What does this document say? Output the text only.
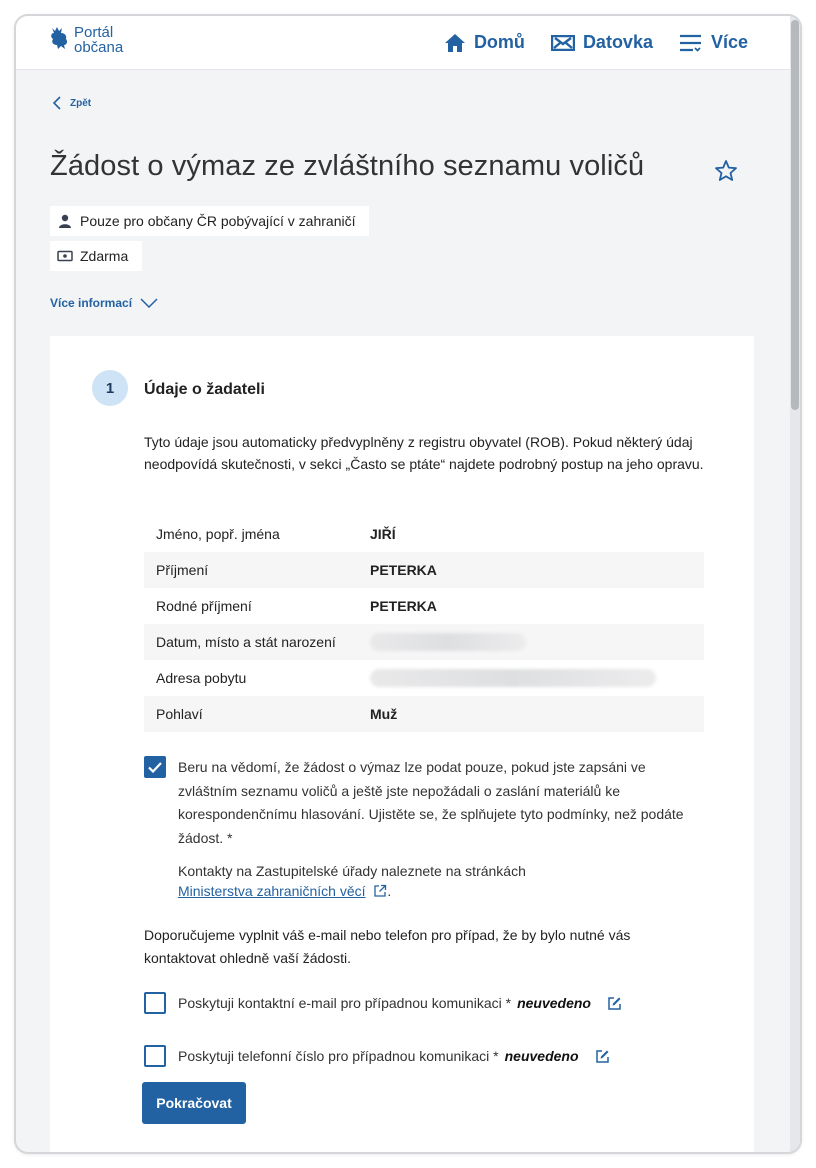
Portál
občana	Domů	Datovka	Více
Zpět
Žádost o výmaz ze zvláštního seznamu voličů
Pouze pro občany ČR pobývající v zahraničí
Zdarma
Více informací
1	Údaje o žadateli

Tyto údaje jsou automaticky předvyplněny z registru obyvatel (ROB). Pokud některý údaj neodpovídá skutečnosti, v sekci „Často se ptáte“ najdete podrobný postup na jeho opravu.

Jméno, popř. jména	JIŘÍ
Příjmení	PETERKA
Rodné příjmení	PETERKA
Datum, místo a stát narození
Adresa pobytu
Pohlaví	Muž

Beru na vědomí, že žádost o výmaz lze podat pouze, pokud jste zapsáni ve zvláštním seznamu voličů a ještě jste nepožádali o zaslání materiálů ke korespondenčnímu hlasování. Ujistěte se, že splňujete tyto podmínky, než podáte žádost. *

Kontakty na Zastupitelské úřady naleznete na stránkách
Ministerstva zahraničních věcí .

Doporučujeme vyplnit váš e-mail nebo telefon pro případ, že by bylo nutné vás kontaktovat ohledně vaší žádosti.

Poskytuji kontaktní e-mail pro případnou komunikaci * neuvedeno
Poskytuji telefonní číslo pro případnou komunikaci * neuvedeno
Pokračovat
